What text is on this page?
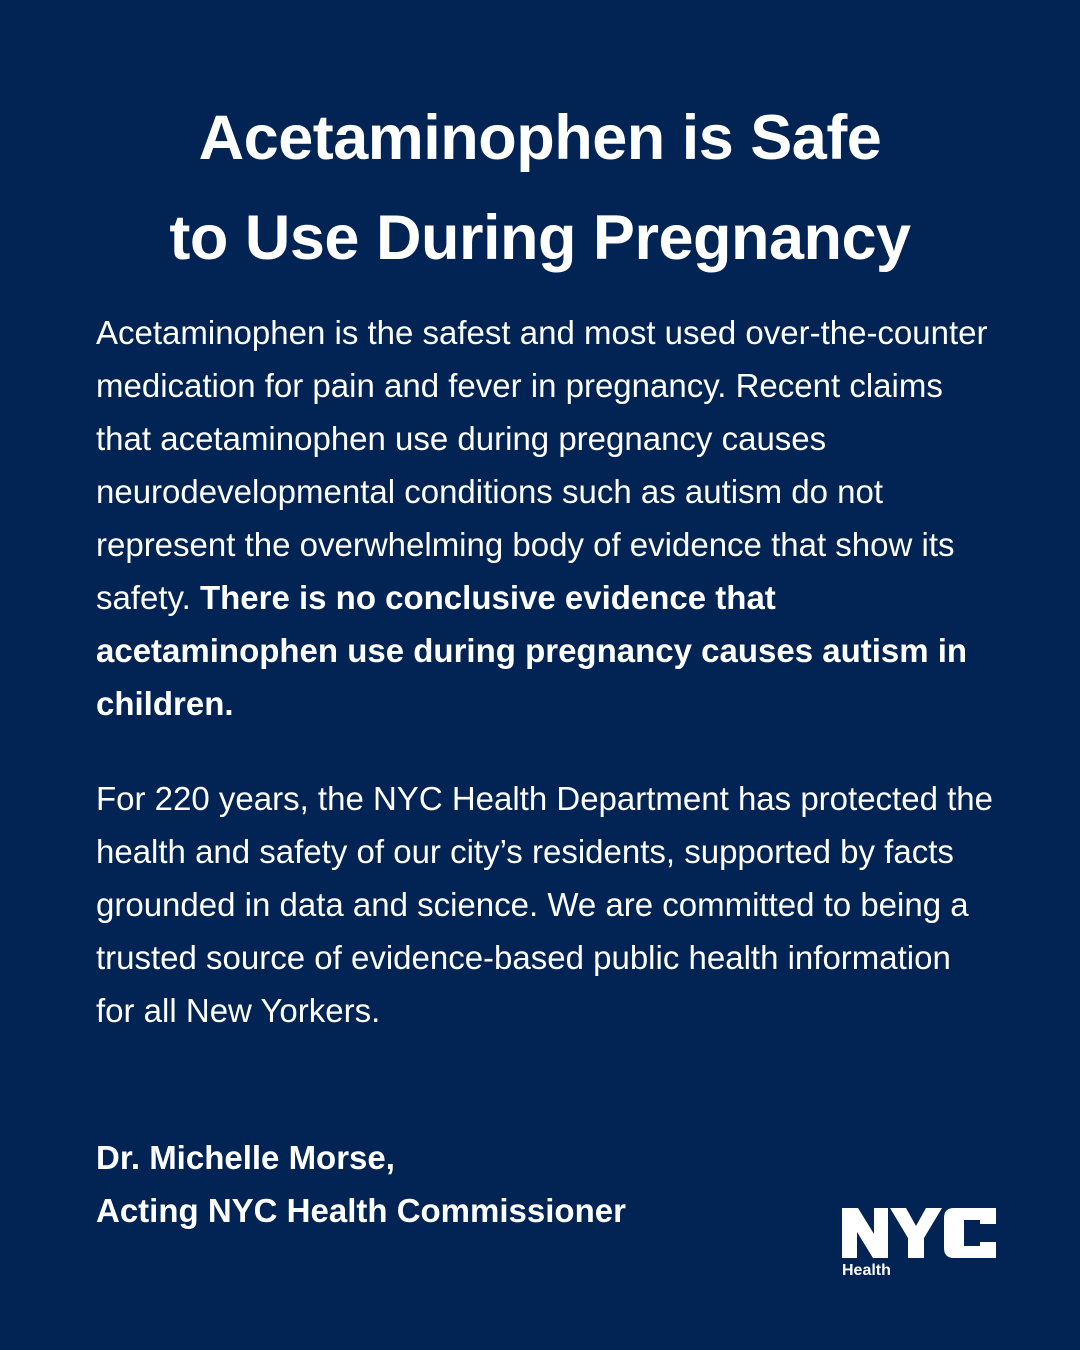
Acetaminophen is Safe
to Use During Pregnancy

Acetaminophen is the safest and most used over-the-counter medication for pain and fever in pregnancy. Recent claims that acetaminophen use during pregnancy causes neurodevelopmental conditions such as autism do not represent the overwhelming body of evidence that show its safety. There is no conclusive evidence that acetaminophen use during pregnancy causes autism in children.

For 220 years, the NYC Health Department has protected the health and safety of our city’s residents, supported by facts grounded in data and science. We are committed to being a trusted source of evidence-based public health information for all New Yorkers.

Dr. Michelle Morse,
Acting NYC Health Commissioner
Health
